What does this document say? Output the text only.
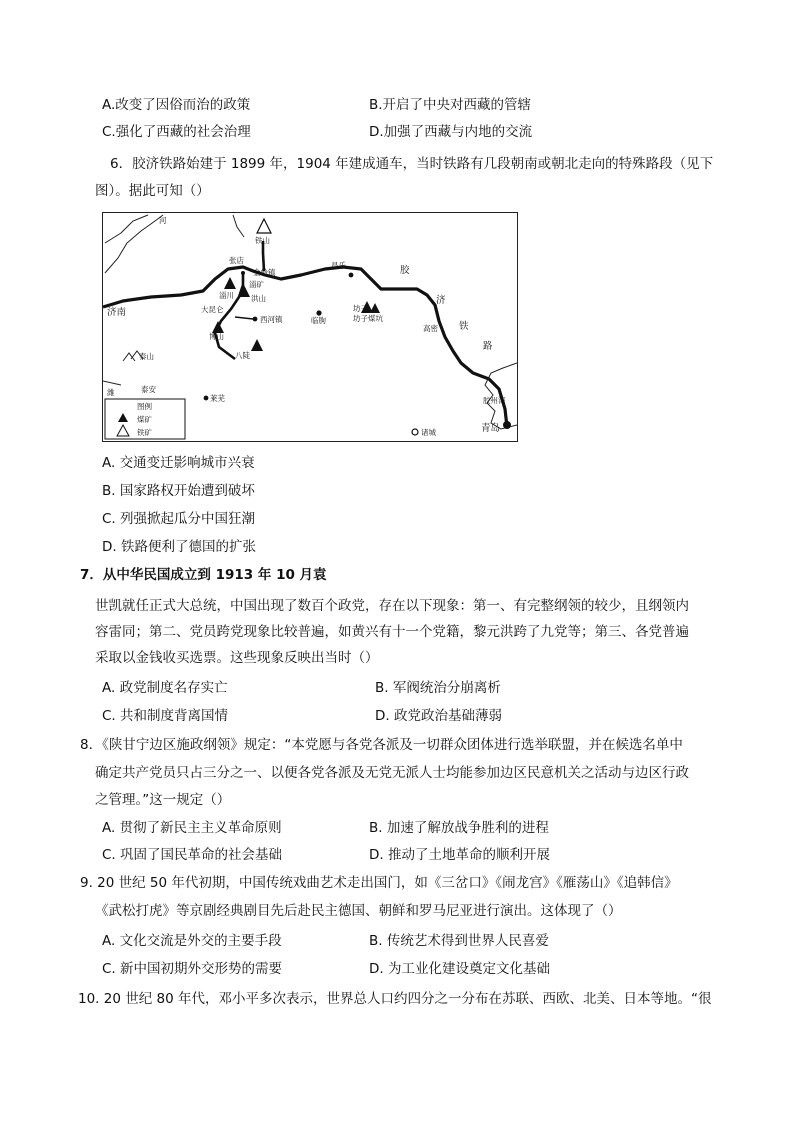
A.改变了因俗而治的政策	B.开启了中央对西藏的管辖
C.强化了西藏的社会治理	D.加强了西藏与内地的交流
6．胶济铁路始建于 1899 年，1904 年建成通车，当时铁路有几段朝南或朝北走向的特殊路段（见下
图）。据此可知（）
河
铁山
张店
金岭镇
淄矿
淄川 洪山
大昆仑
西河镇	临朐
博山
八陡
济南
泰山
泰安
莱芜
昌乐
坊子
坊子煤坑
高密
青岛
胶州湾
诸城
潍
胶
济
铁
路
图例
煤矿
铁矿
A. 交通变迁影响城市兴衰
B. 国家路权开始遭到破坏
C. 列强掀起瓜分中国狂潮
D. 铁路便利了德国的扩张
7．从中华民国成立到 1913 年 10 月袁
世凯就任正式大总统，中国出现了数百个政党，存在以下现象：第一、有完整纲领的较少，且纲领内
容雷同；第二、党员跨党现象比较普遍，如黄兴有十一个党籍，黎元洪跨了九党等；第三、各党普遍
采取以金钱收买选票。这些现象反映出当时（）
A. 政党制度名存实亡	B. 军阀统治分崩离析
C. 共和制度背离国情	D. 政党政治基础薄弱
8．《陕甘宁边区施政纲领》规定：“本党愿与各党各派及一切群众团体进行选举联盟，并在候选名单中
确定共产党员只占三分之一、以便各党各派及无党无派人士均能参加边区民意机关之活动与边区行政
之管理。”这一规定（）
A. 贯彻了新民主主义革命原则	B. 加速了解放战争胜利的进程
C. 巩固了国民革命的社会基础	D. 推动了土地革命的顺利开展
9. 20 世纪 50 年代初期，中国传统戏曲艺术走出国门，如《三岔口》《闹龙宫》《雁荡山》《追韩信》
《武松打虎》等京剧经典剧目先后赴民主德国、朝鲜和罗马尼亚进行演出。这体现了（）
A. 文化交流是外交的主要手段	B. 传统艺术得到世界人民喜爱
C. 新中国初期外交形势的需要	D. 为工业化建设奠定文化基础
10. 20 世纪 80 年代，邓小平多次表示，世界总人口约四分之一分布在苏联、西欧、北美、日本等地。“很
